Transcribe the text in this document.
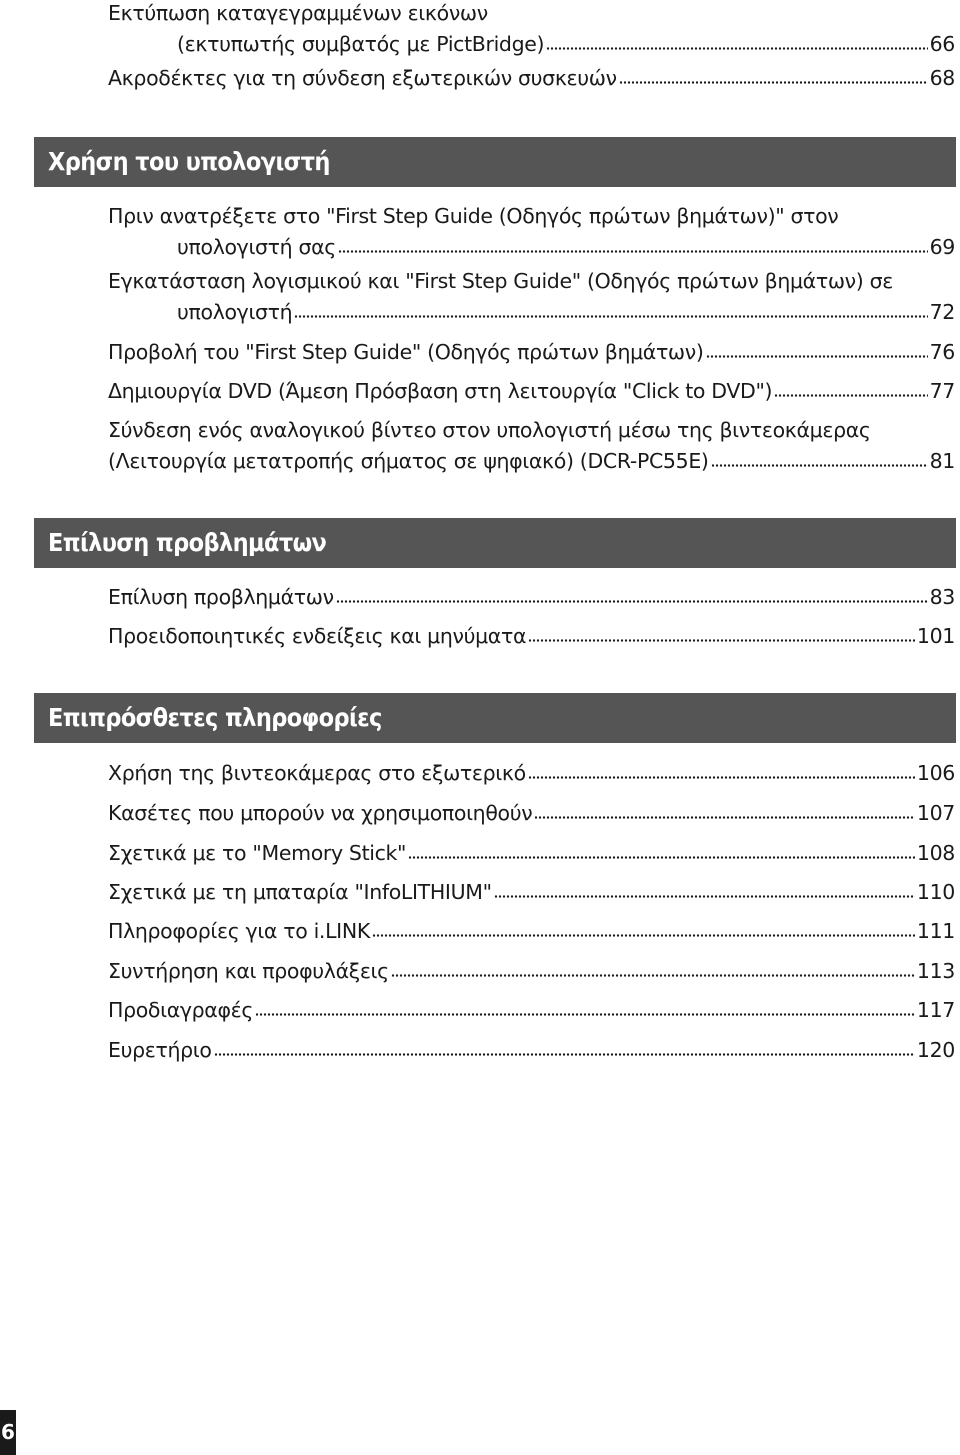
Εκτύπωση καταγεγραμμένων εικόνων
(εκτυπωτής συμβατός με PictBridge)	66
Ακροδέκτες για τη σύνδεση εξωτερικών συσκευών	68
Χρήση του υπολογιστή
Πριν ανατρέξετε στο "First Step Guide (Οδηγός πρώτων βημάτων)" στον
υπολογιστή σας	69
Εγκατάσταση λογισμικού και "First Step Guide" (Οδηγός πρώτων βημάτων) σε
υπολογιστή	72
Προβολή του "First Step Guide" (Οδηγός πρώτων βημάτων)	76
Δημιουργία DVD (Άμεση Πρόσβαση στη λειτουργία "Click to DVD")	77
Σύνδεση ενός αναλογικού βίντεο στον υπολογιστή μέσω της βιντεοκάμερας
(Λειτουργία μετατροπής σήματος σε ψηφιακό) (DCR-PC55E)	81
Επίλυση προβλημάτων
Επίλυση προβλημάτων	83
Προειδοποιητικές ενδείξεις και μηνύματα	101
Επιπρόσθετες πληροφορίες
Χρήση της βιντεοκάμερας στο εξωτερικό	106
Κασέτες που μπορούν να χρησιμοποιηθούν	107
Σχετικά με το "Memory Stick"	108
Σχετικά με τη μπαταρία "InfoLITHIUM"	110
Πληροφορίες για το i.LINK	111
Συντήρηση και προφυλάξεις	113
Προδιαγραφές	117
Ευρετήριο	120
6
